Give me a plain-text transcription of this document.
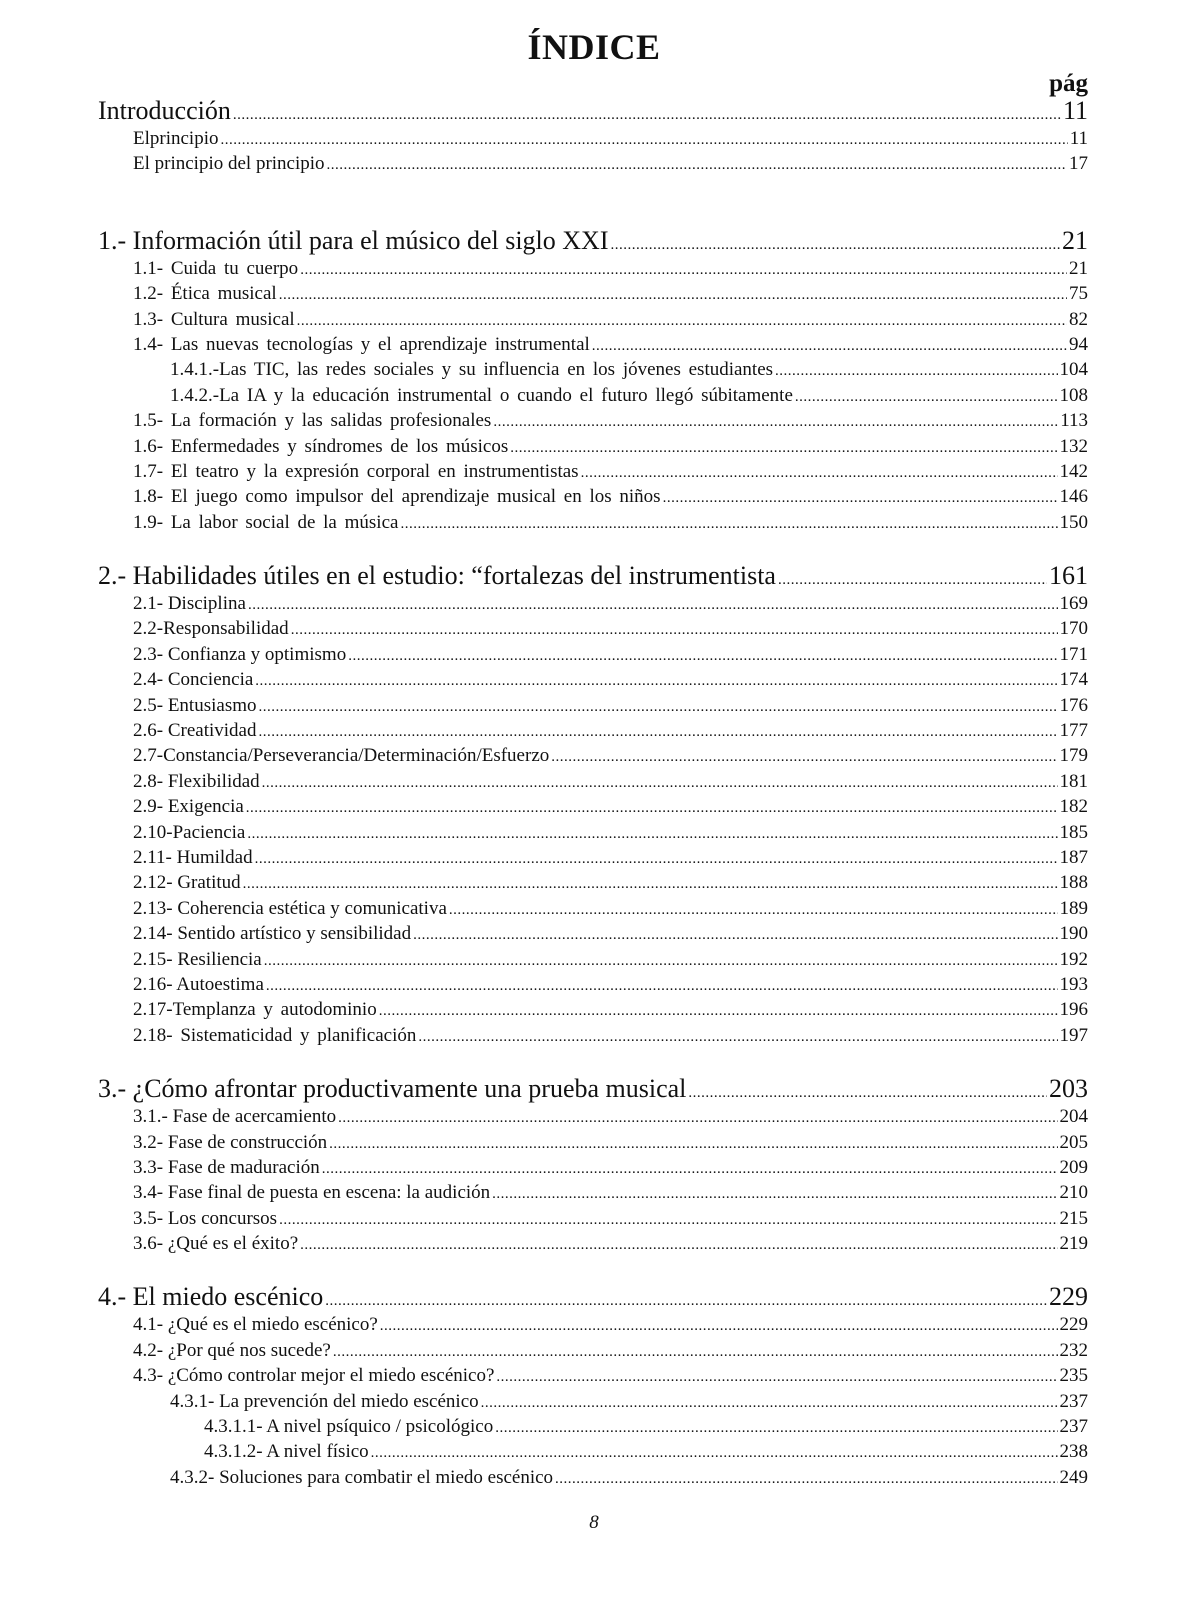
ÍNDICE
pág
Introducción .....	11
Elprincipio .....	11
El principio del principio .....	17
1.- Información útil para el músico del siglo XXI .....	21
1.1- Cuida tu cuerpo .....	21
1.2- Ética musical .....	75
1.3- Cultura musical .....	82
1.4- Las nuevas tecnologías y el aprendizaje instrumental .....	94
1.4.1.-Las TIC, las redes sociales y su influencia en los jóvenes estudiantes .....	104
1.4.2.-La IA y la educación instrumental o cuando el futuro llegó súbitamente .....	108
1.5- La formación y las salidas profesionales .....	113
1.6- Enfermedades y síndromes de los músicos .....	132
1.7- El teatro y la expresión corporal en instrumentistas .....	142
1.8- El juego como impulsor del aprendizaje musical en los niños .....	146
1.9- La labor social de la música .....	150
2.- Habilidades útiles en el estudio: “fortalezas del instrumentista .....	161
2.1- Disciplina .....	169
2.2-Responsabilidad .....	170
2.3- Confianza y optimismo .....	171
2.4- Conciencia .....	174
2.5- Entusiasmo .....	176
2.6- Creatividad .....	177
2.7-Constancia/Perseverancia/Determinación/Esfuerzo .....	179
2.8- Flexibilidad .....	181
2.9- Exigencia .....	182
2.10-Paciencia .....	185
2.11- Humildad .....	187
2.12- Gratitud .....	188
2.13- Coherencia estética y comunicativa .....	189
2.14- Sentido artístico y sensibilidad .....	190
2.15- Resiliencia .....	192
2.16- Autoestima .....	193
2.17-Templanza y autodominio .....	196
2.18- Sistematicidad y planificación .....	197
3.- ¿Cómo afrontar productivamente una prueba musical .....	203
3.1.- Fase de acercamiento .....	204
3.2- Fase de construcción .....	205
3.3- Fase de maduración .....	209
3.4- Fase final de puesta en escena: la audición .....	210
3.5- Los concursos .....	215
3.6- ¿Qué es el éxito? .....	219
4.- El miedo escénico .....	229
4.1- ¿Qué es el miedo escénico? .....	229
4.2- ¿Por qué nos sucede? .....	232
4.3- ¿Cómo controlar mejor el miedo escénico? .....	235
4.3.1- La prevención del miedo escénico .....	237
4.3.1.1- A nivel psíquico / psicológico .....	237
4.3.1.2- A nivel físico .....	238
4.3.2- Soluciones para combatir el miedo escénico .....	249
8
